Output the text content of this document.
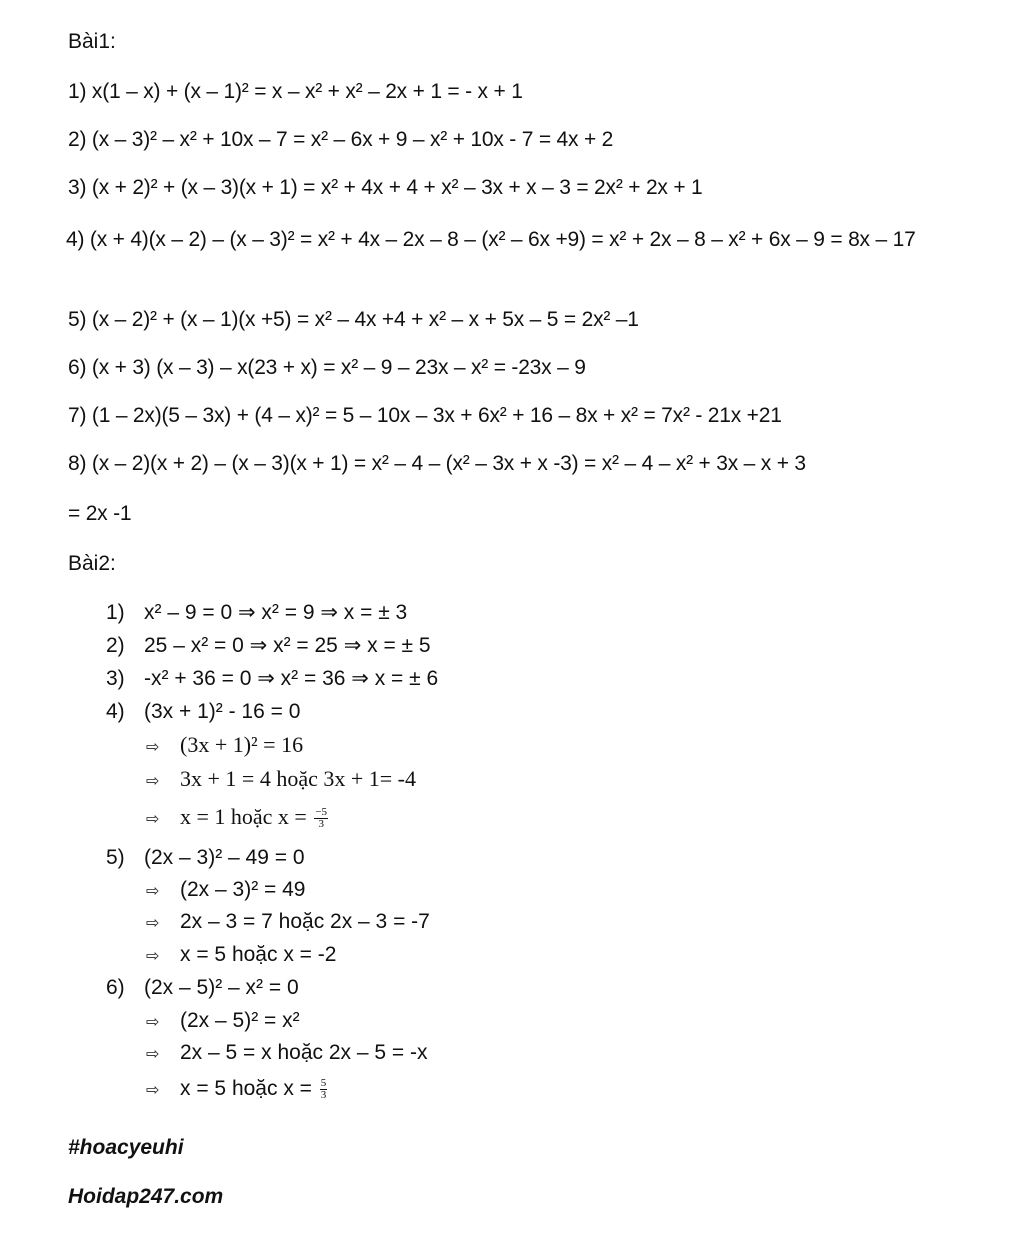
Bài1:
1) x(1 – x) + (x – 1)² = x – x² + x² – 2x + 1 = - x + 1
2) (x – 3)² – x² + 10x – 7 = x² – 6x + 9 – x² + 10x - 7 = 4x + 2
3) (x + 2)² + (x – 3)(x + 1) = x² + 4x + 4 + x² – 3x + x – 3 = 2x² + 2x + 1
4) (x + 4)(x – 2) – (x – 3)² = x² + 4x – 2x – 8 – (x² – 6x +9) = x² + 2x – 8 – x² + 6x – 9 = 8x – 17
5) (x – 2)² + (x – 1)(x +5) = x² – 4x +4 + x² – x + 5x – 5 = 2x² –1
6) (x + 3) (x – 3) – x(23 + x) = x² – 9 – 23x – x² = -23x – 9
7) (1 – 2x)(5 – 3x) + (4 – x)² = 5 – 10x – 3x + 6x² + 16 – 8x + x² = 7x² - 21x +21
8) (x – 2)(x + 2) – (x – 3)(x + 1) = x² – 4 – (x² – 3x + x -3) = x² – 4 – x² + 3x – x + 3
= 2x -1
Bài2:
1) x² – 9 = 0 ⇒ x² = 9 ⇒ x = ± 3
2) 25 – x² = 0 ⇒ x² = 25 ⇒ x = ± 5
3) -x² + 36 = 0 ⇒ x² = 36 ⇒ x = ± 6
4) (3x + 1)² - 16 = 0
⇨ (3x + 1)² = 16
⇨ 3x + 1 = 4 hoặc 3x + 1= -4
⇨ x = 1 hoặc $x = \frac{-5}{3}$
5) (2x – 3)² – 49 = 0
⇨ (2x – 3)² = 49
⇨ 2x – 3 = 7 hoặc 2x – 3 = -7
⇨ x = 5 hoặc x = -2
6) (2x – 5)² – x² = 0
⇨ (2x – 5)² = x²
⇨ 2x – 5 = x hoặc 2x – 5 = -x
⇨ x = 5 hoặc $x = \frac{5}{3}$
#hoacyeuhi
Hoidap247.com
